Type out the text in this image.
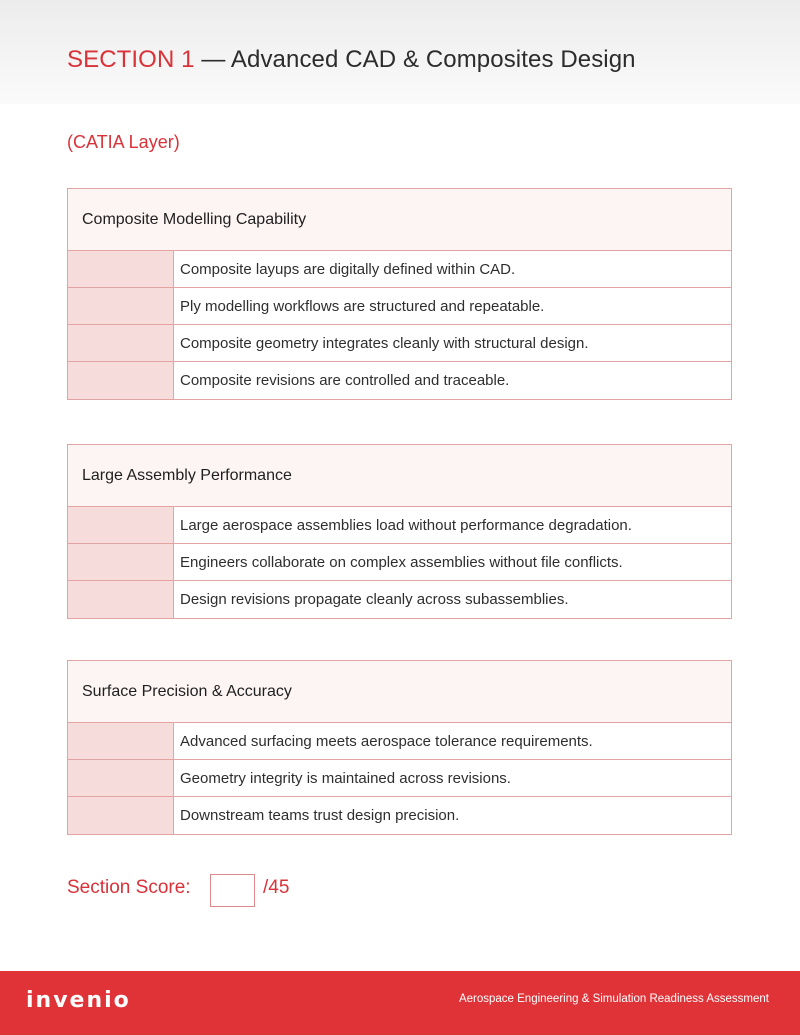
SECTION 1 — Advanced CAD & Composites Design
(CATIA Layer)
Composite Modelling Capability
Composite layups are digitally defined within CAD.
Ply modelling workflows are structured and repeatable.
Composite geometry integrates cleanly with structural design.
Composite revisions are controlled and traceable.
Large Assembly Performance
Large aerospace assemblies load without performance degradation.
Engineers collaborate on complex assemblies without file conflicts.
Design revisions propagate cleanly across subassemblies.
Surface Precision & Accuracy
Advanced surfacing meets aerospace tolerance requirements.
Geometry integrity is maintained across revisions.
Downstream teams trust design precision.
Section Score:	/45
invenio	Aerospace Engineering & Simulation Readiness Assessment
